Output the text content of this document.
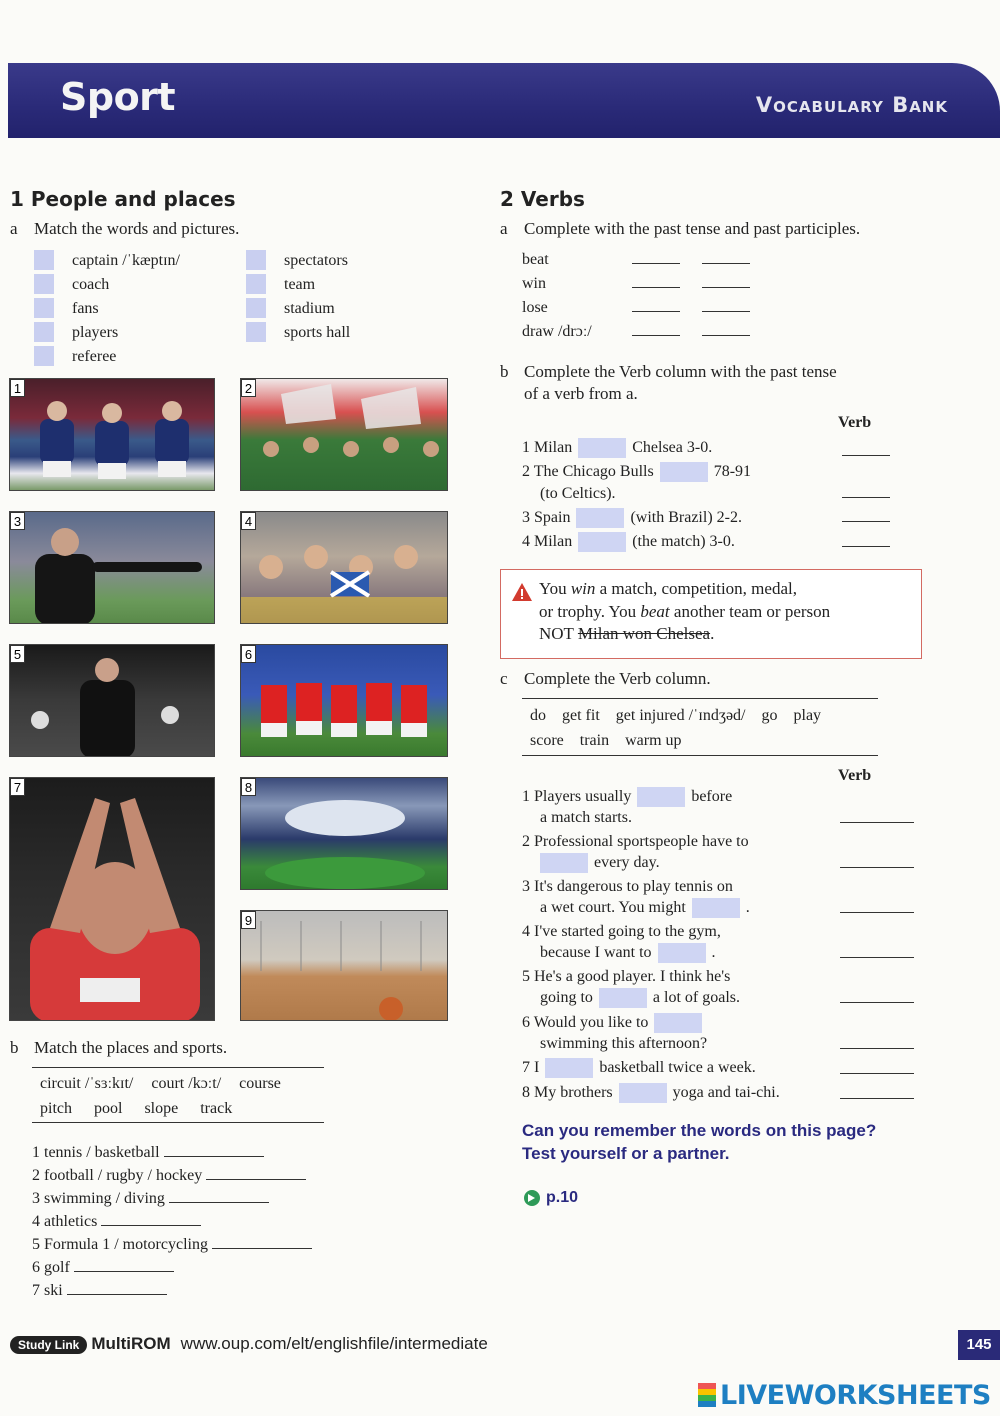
Sport	Vocabulary Bank
1 People and places
a Match the words and pictures.
captain /ˈkæptɪn/
coach
fans
players
referee
spectators
team
stadium
sports hall
1	2
3	4
5	6
7	8
9
b Match the places and sports.
circuit /ˈsɜːkɪt/ court /kɔːt/ course
pitch pool slope track
1 tennis / basketball
2 football / rugby / hockey
3 swimming / diving
4 athletics
5 Formula 1 / motorcycling
6 golf
7 ski
2 Verbs
a Complete with the past tense and past participles.
beat
win
lose
draw /drɔː/
b Complete the Verb column with the past tense
of a verb from a.
Verb
1 Milan	Chelsea 3-0.
2 The Chicago Bulls	78-91
(to Celtics).
3 Spain	(with Brazil) 2-2.
4 Milan	(the match) 3-0.
You win a match, competition, medal,
or trophy. You beat another team or person
NOT Milan won Chelsea.
c Complete the Verb column.
do get fit get injured /ˈɪndʒəd/ go play
score train warm up
Verb
1 Players usually	before
a match starts.
2 Professional sportspeople have to
every day.
3 It's dangerous to play tennis on
a wet court. You might	.
4 I've started going to the gym,
because I want to	.
5 He's a good player. I think he's
going to	a lot of goals.
6 Would you like to
swimming this afternoon?
7 I	basketball twice a week.
8 My brothers	yoga and tai-chi.
Can you remember the words on this page?
Test yourself or a partner.
p.10
Study Link MultiROM www.oup.com/elt/englishfile/intermediate	145
LIVEWORKSHEETS
